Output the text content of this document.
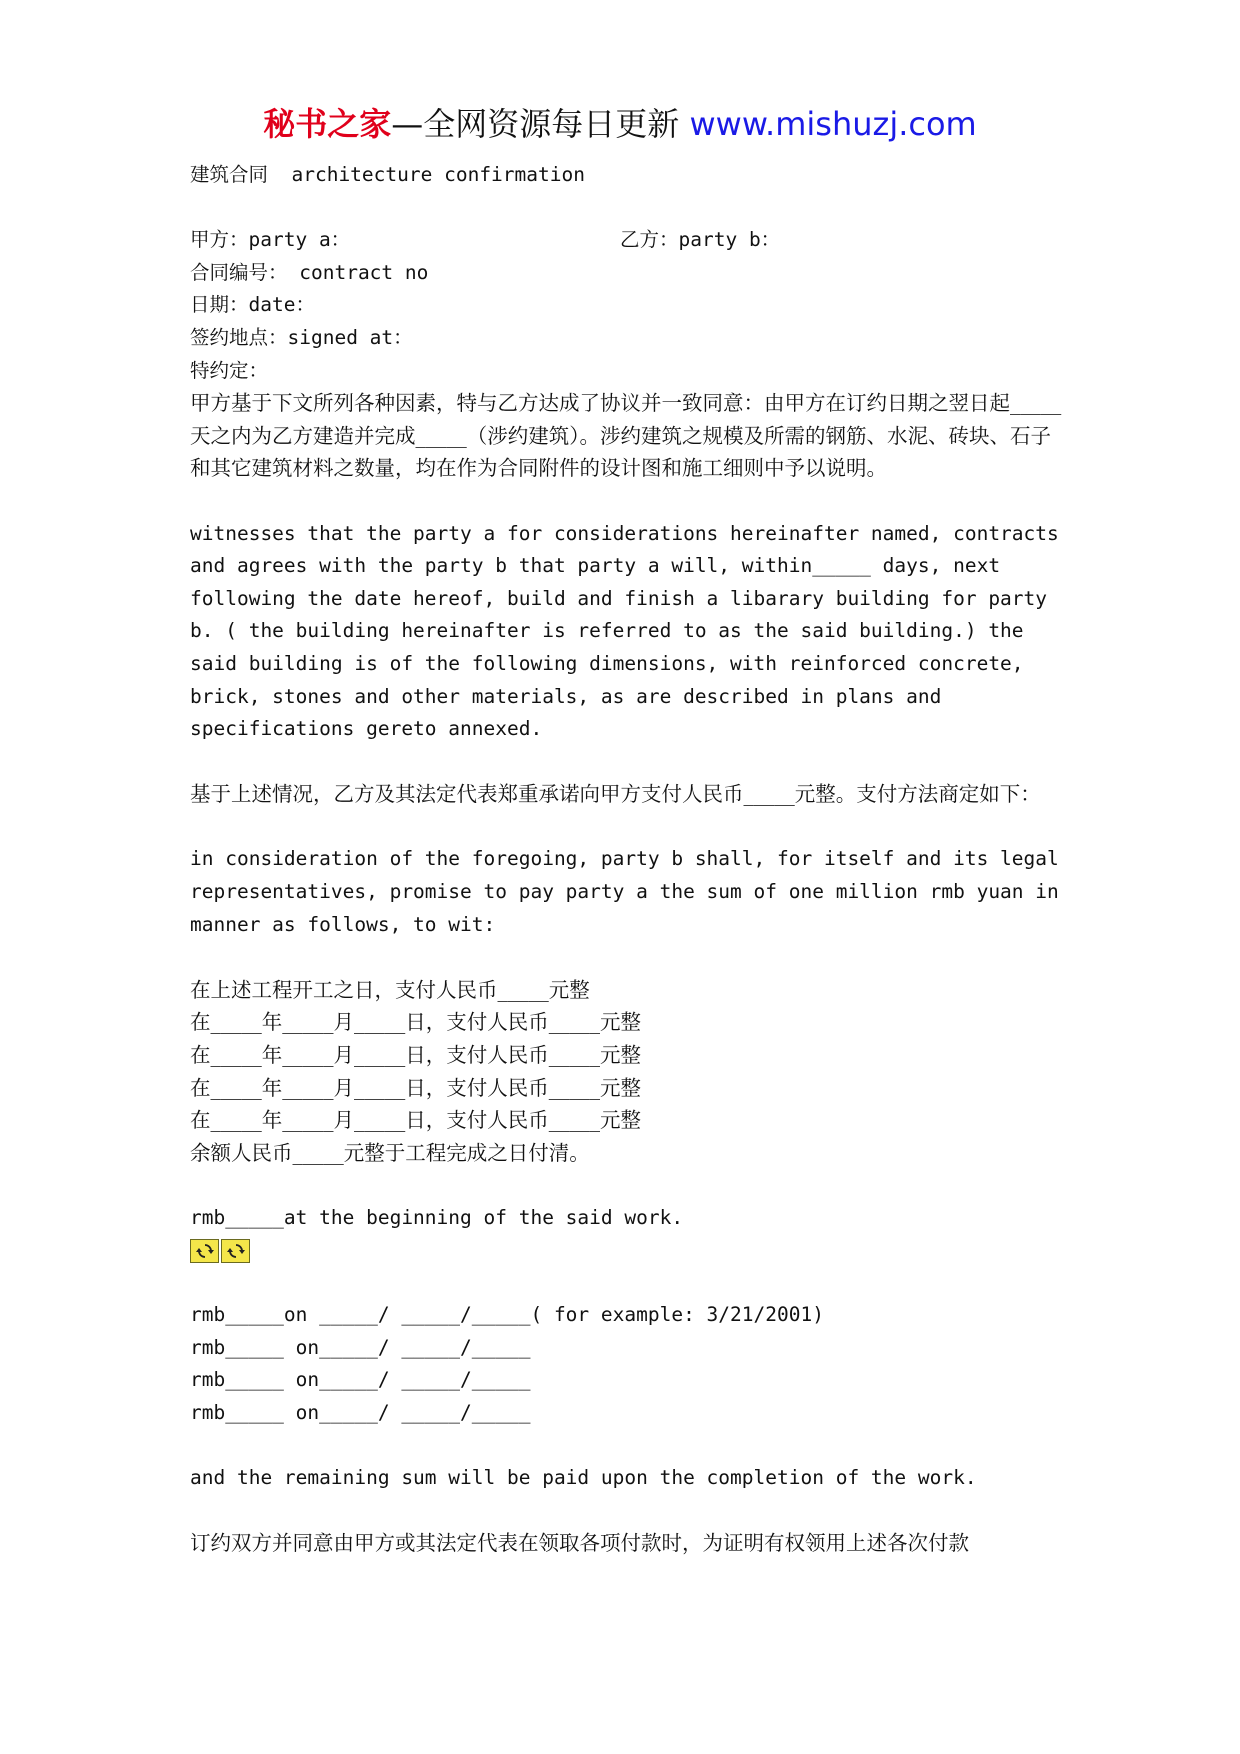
秘书之家—全网资源每日更新 www.mishuzj.com

建筑合同  architecture confirmation

甲方：party a：	乙方：party b：

合同编号： contract no

日期：date：

签约地点：signed at：

特约定：

甲方基于下文所列各种因素，特与乙方达成了协议并一致同意：由甲方在订约日期之翌日起_____天之内为乙方建造并完成_____（涉约建筑）。涉约建筑之规模及所需的钢筋、水泥、砖块、石子和其它建筑材料之数量，均在作为合同附件的设计图和施工细则中予以说明。

witnesses that the party a for considerations hereinafter named, contracts and agrees with the party b that party a will, within_____ days, next following the date hereof, build and finish a libarary building for party b. ( the building hereinafter is referred to as the said building.) the said building is of the following dimensions, with reinforced concrete, brick, stones and other materials, as are described in plans and specifications gereto annexed.

基于上述情况，乙方及其法定代表郑重承诺向甲方支付人民币_____元整。支付方法商定如下：

in consideration of the foregoing, party b shall, for itself and its legal representatives, promise to pay party a the sum of one million rmb yuan in manner as follows, to wit:

在上述工程开工之日，支付人民币_____元整

在_____年_____月_____日，支付人民币_____元整

在_____年_____月_____日，支付人民币_____元整

在_____年_____月_____日，支付人民币_____元整

在_____年_____月_____日，支付人民币_____元整

余额人民币_____元整于工程完成之日付清。

rmb_____at the beginning of the said work.

rmb_____on _____/ _____/_____( for example: 3/21/2001)

rmb_____ on_____/ _____/_____

rmb_____ on_____/ _____/_____

rmb_____ on_____/ _____/_____

and the remaining sum will be paid upon the completion of the work.

订约双方并同意由甲方或其法定代表在领取各项付款时，为证明有权领用上述各次付款
